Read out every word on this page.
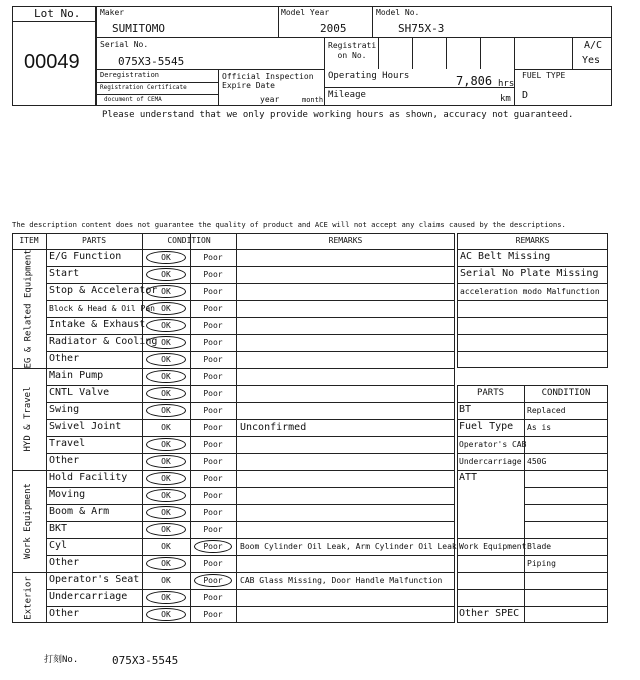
Lot No.
00049
Maker
SUMITOMO
Model Year
2005
Model No.
SH75X-3
Serial No.
075X3-5545
Registrati on No.
A/C
Yes
Deregistration
Registration Certificate
document of CEMA
Official Inspection Expire Date
year	month
Operating Hours	7,806 hrs
Mileage	km
FUEL TYPE
D
Please understand that we only provide working hours as shown, accuracy not guaranteed.
The description content does not guarantee the quality of product and ACE will not accept any claims caused by the descriptions.
ITEM	PARTS	CONDITION	REMARKS
E/G Function	OK	Poor
Start	OK	Poor
Stop & Accelerator OK	Poor
Block & Head & Oil Pan OK	Poor
Intake & Exhaust	OK	Poor
Radiator & Cooling OK	Poor
Other	OK	Poor
EG & Related Equipment
Main Pump	OK	Poor
CNTL Valve	OK	Poor
Swing	OK	Poor
Swivel Joint	OK	Poor	Unconfirmed
Travel	OK	Poor
Other	OK	Poor
HYD & Travel
Hold Facility	OK	Poor
Moving	OK	Poor
Boom & Arm	OK	Poor
BKT	OK	Poor
Cyl	OK	Poor	Boom Cylinder Oil Leak, Arm Cylinder Oil Leak
Other	OK	Poor
Work Equipment
Operator's Seat	OK	Poor	CAB Glass Missing, Door Handle Malfunction
Undercarriage	OK	Poor
Other	OK	Poor
Exterior
REMARKS
AC Belt Missing
Serial No Plate Missing
acceleration modo Malfunction
PARTS	CONDITION
BT	Replaced
Fuel Type As is
Operator's CAB
Undercarriage 450G
ATT
Work Equipment Blade
Piping
Other SPEC
打刻No.	075X3-5545
